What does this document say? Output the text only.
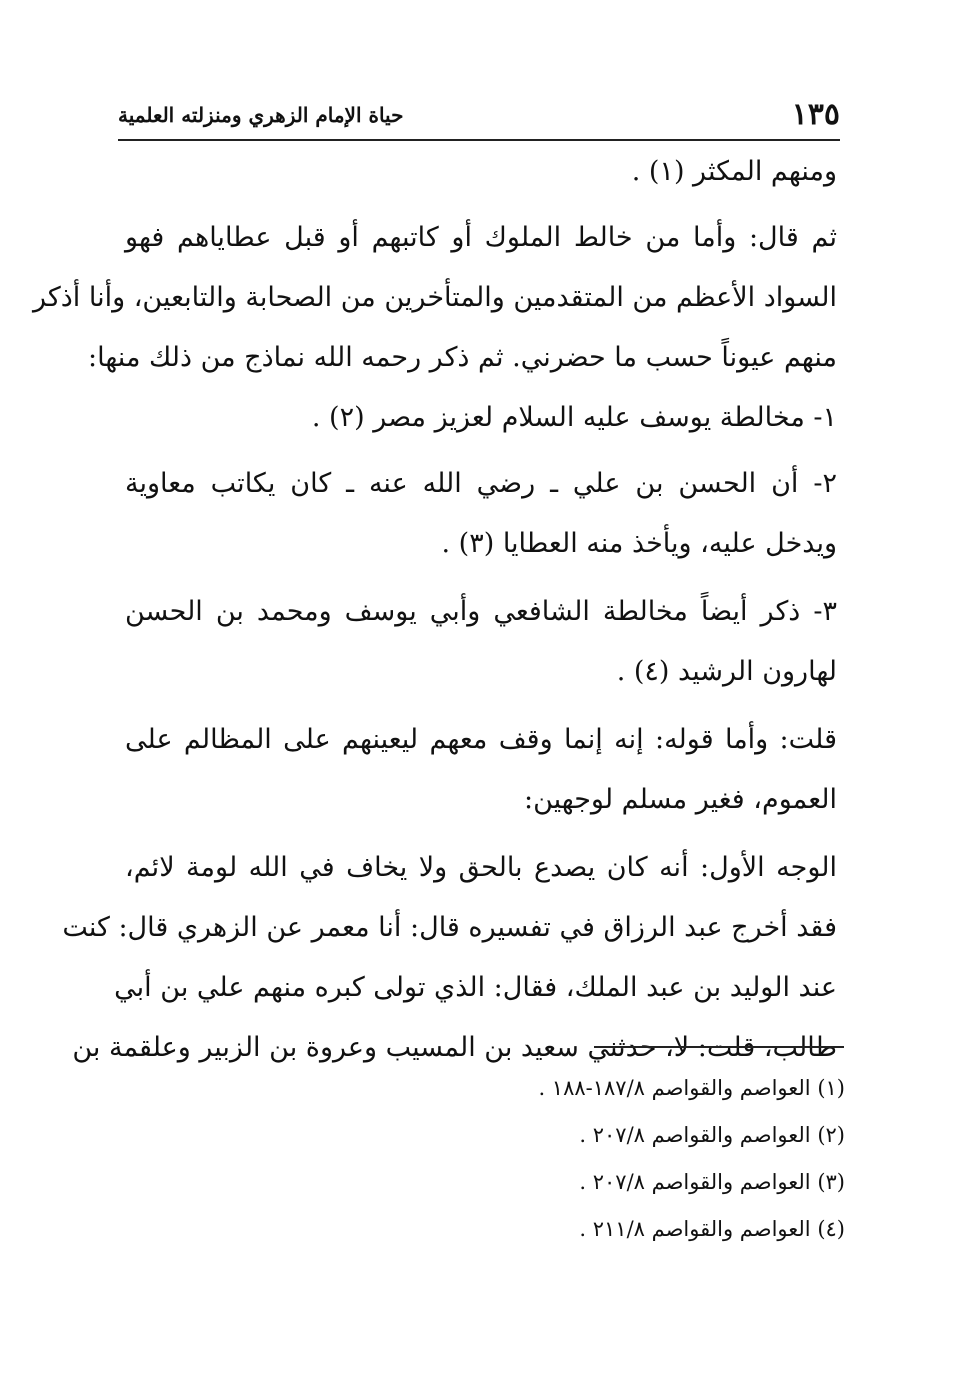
١٣٥
حياة الإمام الزهري ومنزلته العلمية
ومنهم المكثر (١) .
ثم قال: وأما من خالط الملوك أو كاتبهم أو قبل عطاياهم فهو
السواد الأعظم من المتقدمين والمتأخرين من الصحابة والتابعين، وأنا أذكر
منهم عيوناً حسب ما حضرني. ثم ذكر رحمه الله نماذج من ذلك منها:
١- مخالطة يوسف عليه السلام لعزيز مصر (٢) .
٢- أن الحسن بن علي ـ رضي الله عنه ـ كان يكاتب معاوية
ويدخل عليه، ويأخذ منه العطايا (٣) .
٣- ذكر أيضاً مخالطة الشافعي وأبي يوسف ومحمد بن الحسن
لهارون الرشيد (٤) .
قلت: وأما قوله: إنه إنما وقف معهم ليعينهم على المظالم على
العموم، فغير مسلم لوجهين:
الوجه الأول: أنه كان يصدع بالحق ولا يخاف في الله لومة لائم،
فقد أخرج عبد الرزاق في تفسيره قال: أنا معمر عن الزهري قال: كنت
عند الوليد بن عبد الملك، فقال: الذي تولى كبره منهم علي بن أبي
طالب، قلت: لا، حدثني سعيد بن المسيب وعروة بن الزبير وعلقمة بن
(١) العواصم والقواصم ١٨٧/٨-١٨٨ .
(٢) العواصم والقواصم ٢٠٧/٨ .
(٣) العواصم والقواصم ٢٠٧/٨ .
(٤) العواصم والقواصم ٢١١/٨ .
